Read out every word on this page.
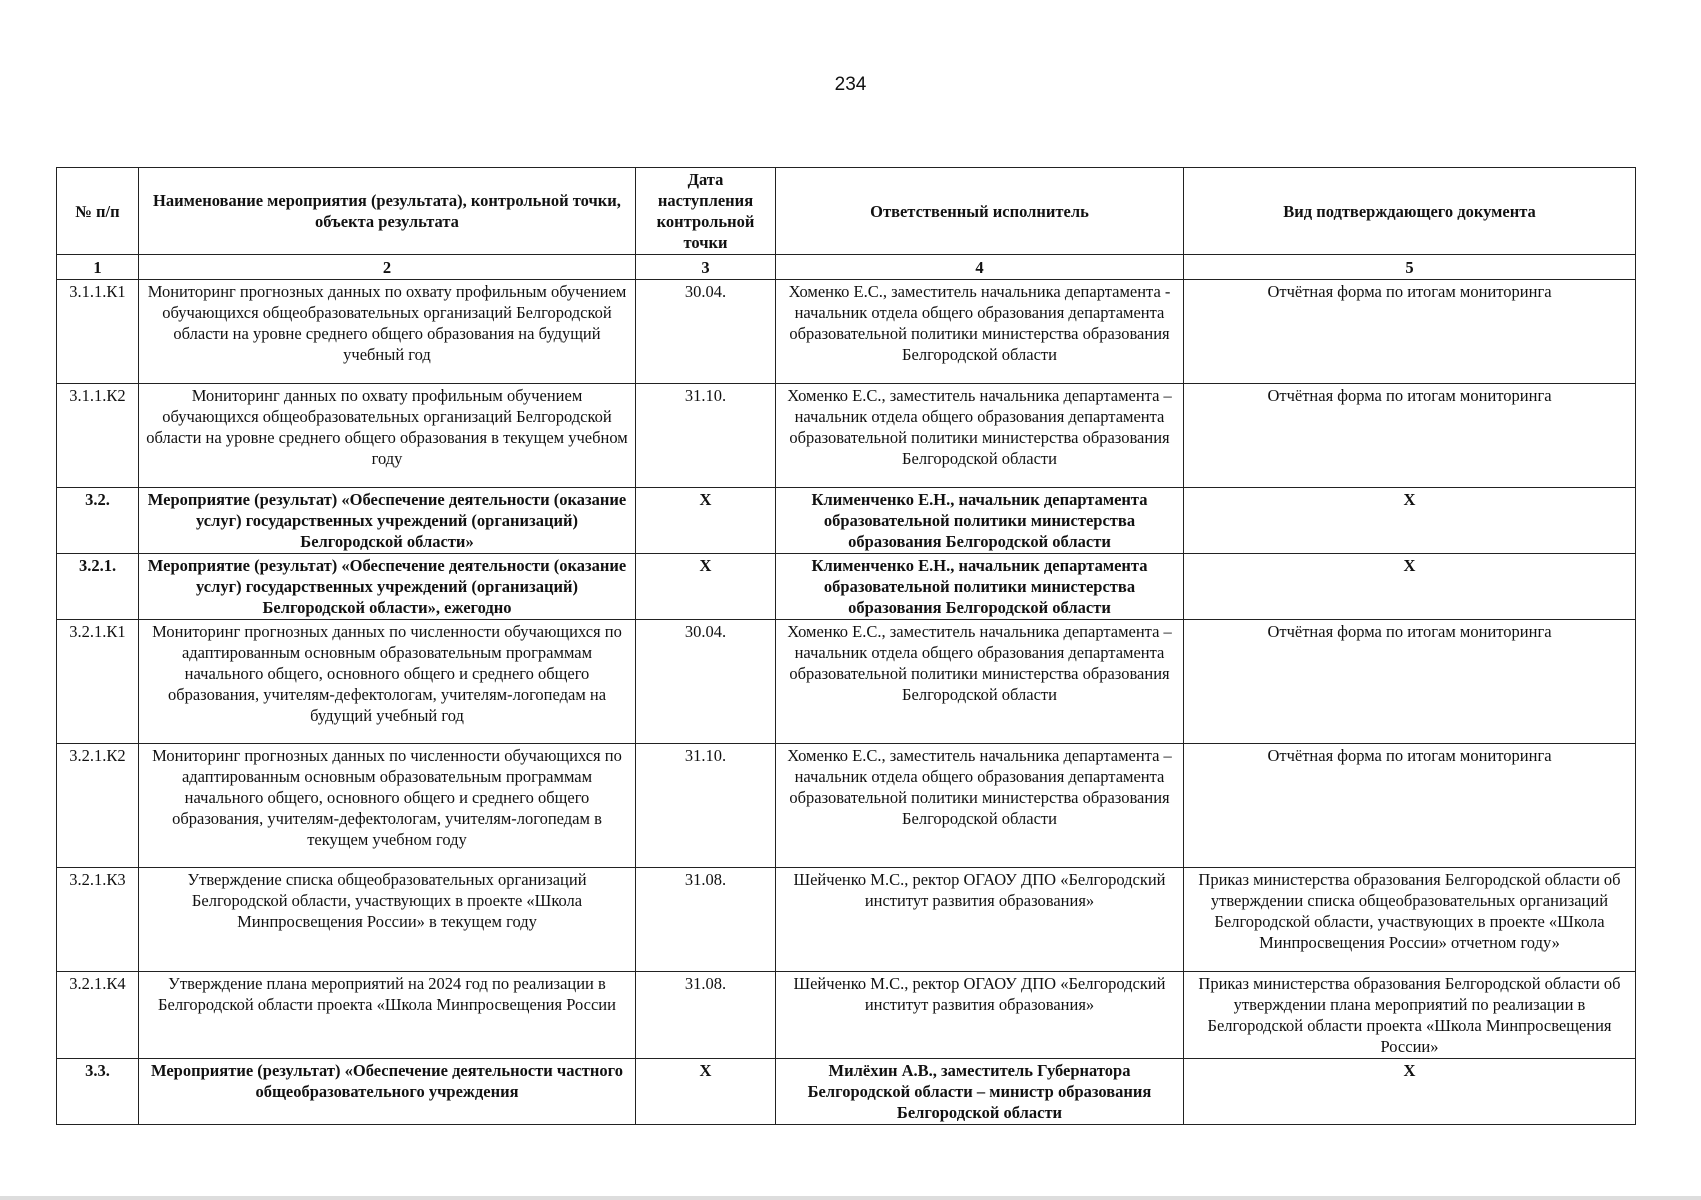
234
№ п/п	Наименование мероприятия (результата), контрольной точки, объекта результата	Дата наступления контрольной точки	Ответственный исполнитель	Вид подтверждающего документа
1	2	3	4	5
3.1.1.К1	Мониторинг прогнозных данных по охвату профильным обучением обучающихся общеобразовательных организаций Белгородской области на уровне среднего общего образования на будущий учебный год	30.04.	Хоменко Е.С., заместитель начальника департамента - начальник отдела общего образования департамента образовательной политики министерства образования Белгородской области	Отчётная форма по итогам мониторинга
3.1.1.К2	Мониторинг данных по охвату профильным обучением обучающихся общеобразовательных организаций Белгородской области на уровне среднего общего образования в текущем учебном году	31.10.	Хоменко Е.С., заместитель начальника департамента – начальник отдела общего образования департамента образовательной политики министерства образования Белгородской области	Отчётная форма по итогам мониторинга
3.2.	Мероприятие (результат) «Обеспечение деятельности (оказание услуг) государственных учреждений (организаций) Белгородской области»	X	Клименченко Е.Н., начальник департамента образовательной политики министерства образования Белгородской области	X
3.2.1.	Мероприятие (результат) «Обеспечение деятельности (оказание услуг) государственных учреждений (организаций) Белгородской области», ежегодно	X	Клименченко Е.Н., начальник департамента образовательной политики министерства образования Белгородской области	X
3.2.1.К1	Мониторинг прогнозных данных по численности обучающихся по адаптированным основным образовательным программам начального общего, основного общего и среднего общего образования, учителям-дефектологам, учителям-логопедам на будущий учебный год	30.04.	Хоменко Е.С., заместитель начальника департамента – начальник отдела общего образования департамента образовательной политики министерства образования Белгородской области	Отчётная форма по итогам мониторинга
3.2.1.К2	Мониторинг прогнозных данных по численности обучающихся по адаптированным основным образовательным программам начального общего, основного общего и среднего общего образования, учителям-дефектологам, учителям-логопедам в текущем учебном году	31.10.	Хоменко Е.С., заместитель начальника департамента – начальник отдела общего образования департамента образовательной политики министерства образования Белгородской области	Отчётная форма по итогам мониторинга
3.2.1.К3	Утверждение списка общеобразовательных организаций Белгородской области, участвующих в проекте «Школа Минпросвещения России» в текущем году	31.08.	Шейченко М.С., ректор ОГАОУ ДПО «Белгородский институт развития образования»	Приказ министерства образования Белгородской области об утверждении списка общеобразовательных организаций Белгородской области, участвующих в проекте «Школа Минпросвещения России» отчетном году»
3.2.1.К4	Утверждение плана мероприятий на 2024 год по реализации в Белгородской области проекта «Школа Минпросвещения России	31.08.	Шейченко М.С., ректор ОГАОУ ДПО «Белгородский институт развития образования»	Приказ министерства образования Белгородской области об утверждении плана мероприятий по реализации в Белгородской области проекта «Школа Минпросвещения России»
3.3.	Мероприятие (результат) «Обеспечение деятельности частного общеобразовательного учреждения	X	Милёхин А.В., заместитель Губернатора Белгородской области – министр образования Белгородской области	X
